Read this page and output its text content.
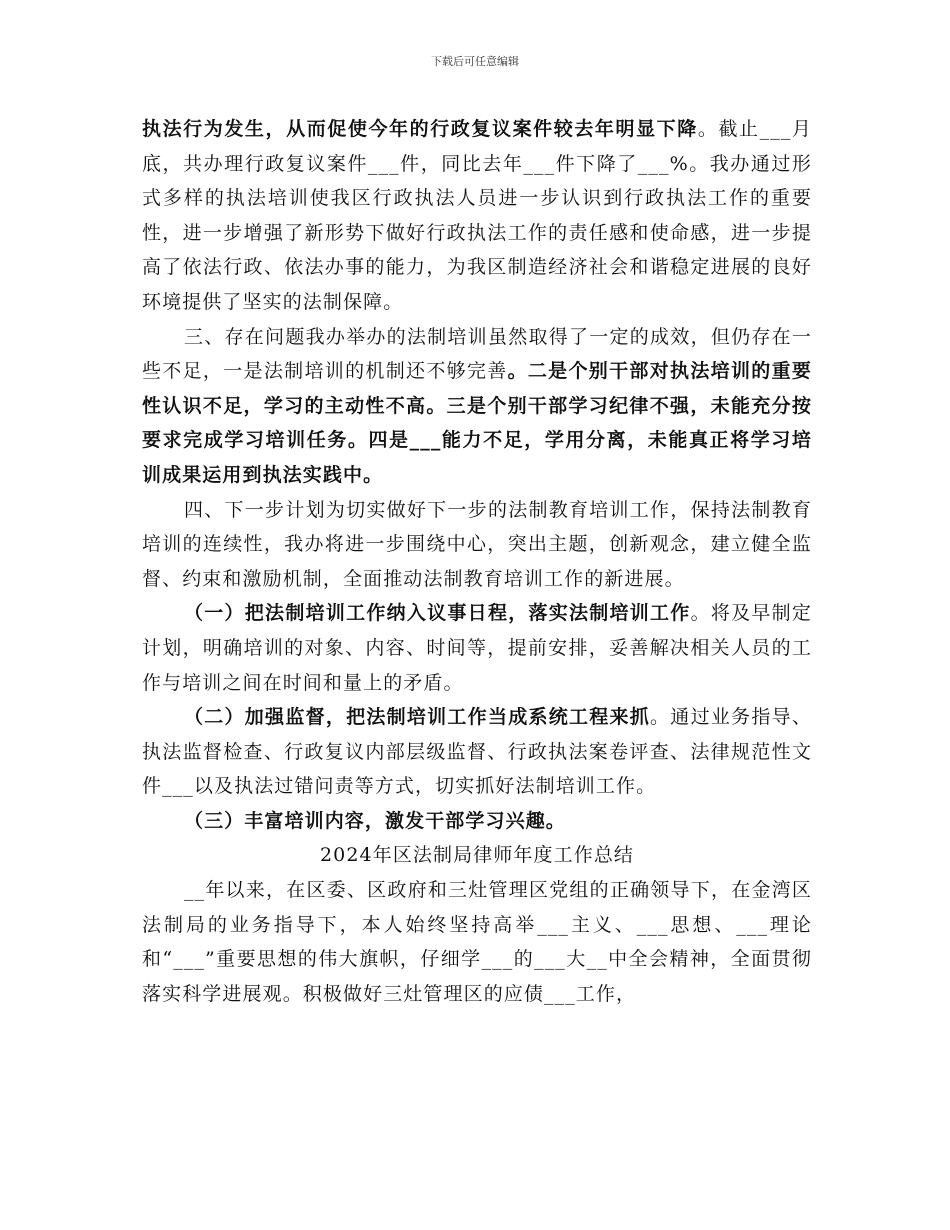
下载后可任意编辑

执法行为发生，从而促使今年的行政复议案件较去年明显下降。截止___月底，共办理行政复议案件___件，同比去年___件下降了___%。我办通过形式多样的执法培训使我区行政执法人员进一步认识到行政执法工作的重要性，进一步增强了新形势下做好行政执法工作的责任感和使命感，进一步提高了依法行政、依法办事的能力，为我区制造经济社会和谐稳定进展的良好环境提供了坚实的法制保障。

三、存在问题我办举办的法制培训虽然取得了一定的成效，但仍存在一些不足，一是法制培训的机制还不够完善。二是个别干部对执法培训的重要性认识不足，学习的主动性不高。三是个别干部学习纪律不强，未能充分按要求完成学习培训任务。四是___能力不足，学用分离，未能真正将学习培训成果运用到执法实践中。

四、下一步计划为切实做好下一步的法制教育培训工作，保持法制教育培训的连续性，我办将进一步围绕中心，突出主题，创新观念，建立健全监督、约束和激励机制，全面推动法制教育培训工作的新进展。

（一）把法制培训工作纳入议事日程，落实法制培训工作。将及早制定计划，明确培训的对象、内容、时间等，提前安排，妥善解决相关人员的工作与培训之间在时间和量上的矛盾。

（二）加强监督，把法制培训工作当成系统工程来抓。通过业务指导、执法监督检查、行政复议内部层级监督、行政执法案卷评查、法律规范性文件___以及执法过错问责等方式，切实抓好法制培训工作。

（三）丰富培训内容，激发干部学习兴趣。

2024年区法制局律师年度工作总结

__年以来，在区委、区政府和三灶管理区党组的正确领导下，在金湾区法制局的业务指导下，本人始终坚持高举___主义、___思想、___理论和“___”重要思想的伟大旗帜，仔细学___的___大__中全会精神，全面贯彻落实科学进展观。积极做好三灶管理区的应债___工作，
